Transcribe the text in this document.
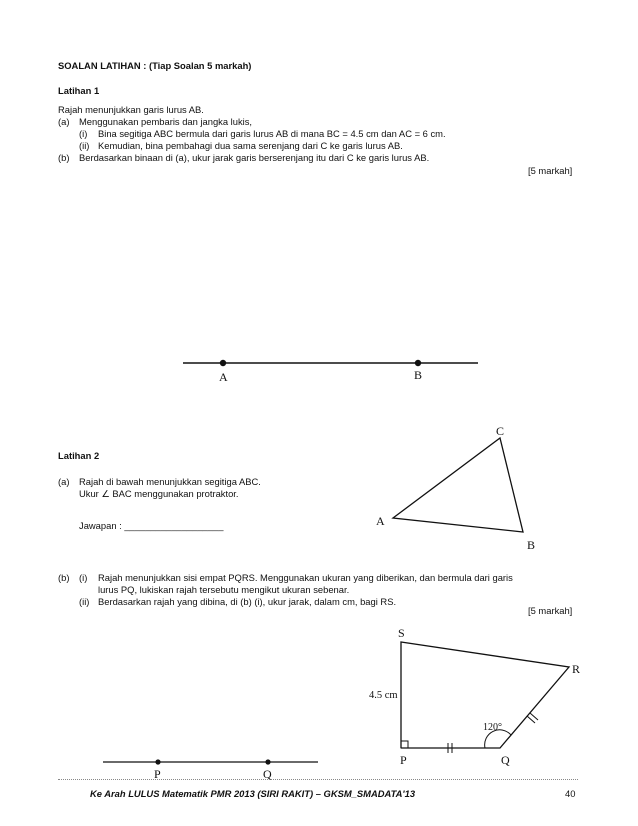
SOALAN LATIHAN : (Tiap Soalan 5 markah)
Latihan 1
Rajah menunjukkan garis lurus AB.
(a) Menggunakan pembaris dan jangka lukis,
(i) Bina segitiga ABC bermula dari garis lurus AB di mana BC = 4.5 cm dan AC = 6 cm.
(ii) Kemudian, bina pembahagi dua sama serenjang dari C ke garis lurus AB.
(b) Berdasarkan binaan di (a), ukur jarak garis berserenjang itu dari C ke garis lurus AB.
[5 markah]
A	B
Latihan 2
(a) Rajah di bawah menunjukkan segitiga ABC.
Ukur ∠ BAC menggunakan protraktor.
Jawapan : ___________________
C
A
B
(b) (i) Rajah menunjukkan sisi empat PQRS. Menggunakan ukuran yang diberikan, dan bermula dari garis
lurus PQ, lukiskan rajah tersebutu mengikut ukuran sebenar.
(ii) Berdasarkan rajah yang dibina, di (b) (i), ukur jarak, dalam cm, bagi RS.
[5 markah]
S
R
4.5 cm
120°
P	Q
P	Q
Ke Arah LULUS Matematik PMR 2013 (SIRI RAKIT) – GKSM_SMADATA'13	40
